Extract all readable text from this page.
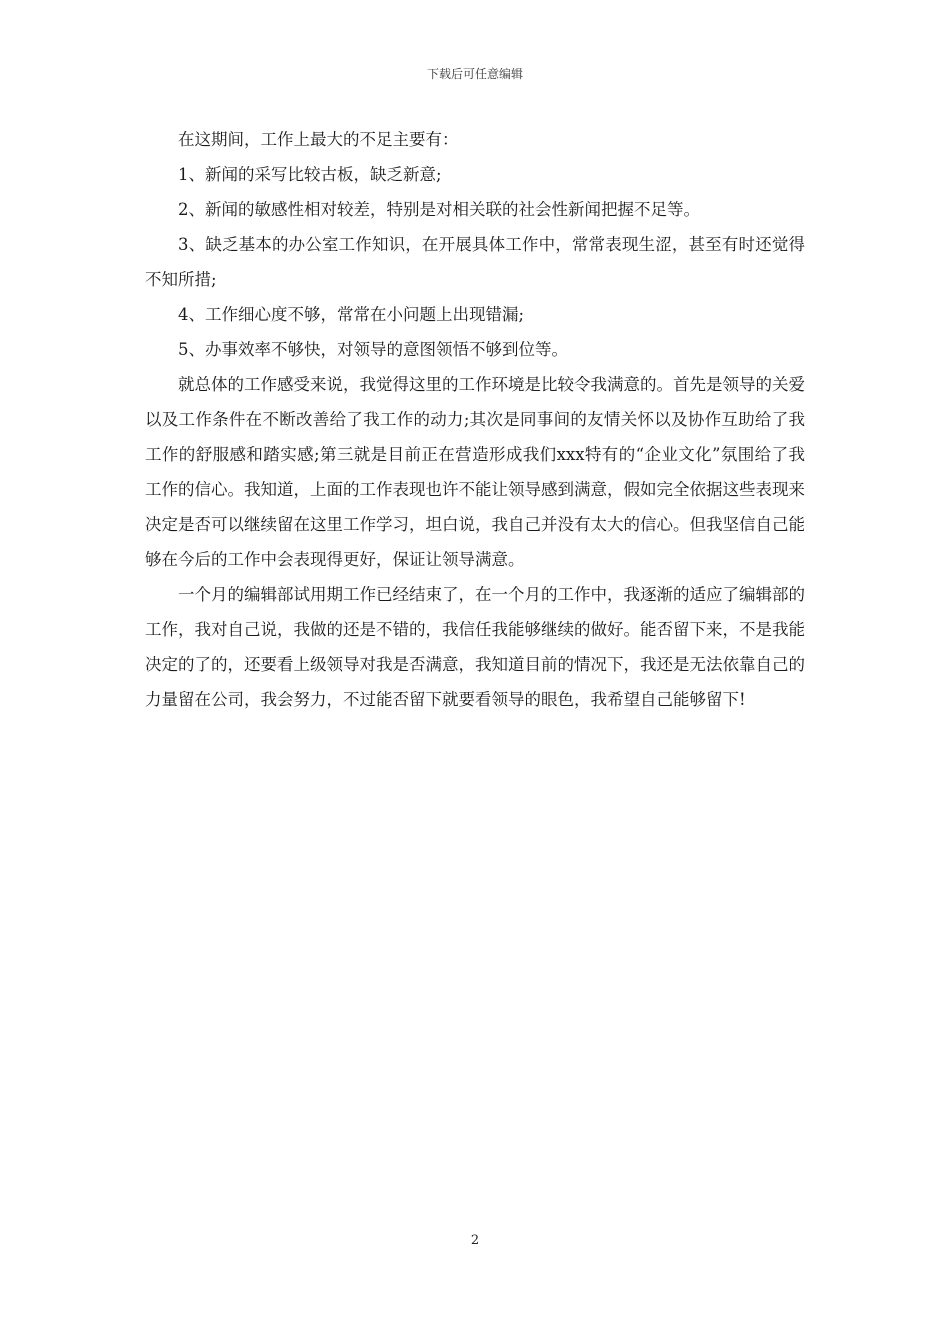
下载后可任意编辑

在这期间，工作上最大的不足主要有：

1、新闻的采写比较古板，缺乏新意;

2、新闻的敏感性相对较差，特别是对相关联的社会性新闻把握不足等。

3、缺乏基本的办公室工作知识，在开展具体工作中，常常表现生涩，甚至有时还觉得不知所措;

4、工作细心度不够，常常在小问题上出现错漏;

5、办事效率不够快，对领导的意图领悟不够到位等。

就总体的工作感受来说，我觉得这里的工作环境是比较令我满意的。首先是领导的关爱以及工作条件在不断改善给了我工作的动力;其次是同事间的友情关怀以及协作互助给了我工作的舒服感和踏实感;第三就是目前正在营造形成我们xxx特有的“企业文化”氛围给了我工作的信心。我知道，上面的工作表现也许不能让领导感到满意，假如完全依据这些表现来决定是否可以继续留在这里工作学习，坦白说，我自己并没有太大的信心。但我坚信自己能够在今后的工作中会表现得更好，保证让领导满意。

一个月的编辑部试用期工作已经结束了，在一个月的工作中，我逐渐的适应了编辑部的工作，我对自己说，我做的还是不错的，我信任我能够继续的做好。能否留下来，不是我能决定的了的，还要看上级领导对我是否满意，我知道目前的情况下，我还是无法依靠自己的力量留在公司，我会努力，不过能否留下就要看领导的眼色，我希望自己能够留下!

2
